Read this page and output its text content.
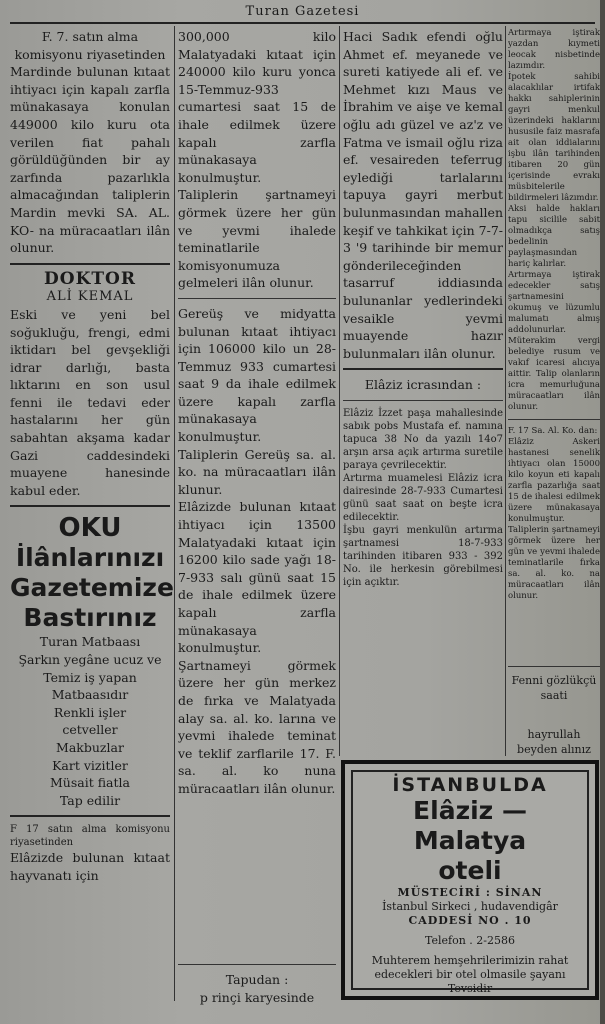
Turan Gazetesi

F. 7. satın alma komisyonu riyasetinden

Mardinde bulunan kıtaat ihtiyacı için kapalı zarfla münakasaya konulan 449000 kilo kuru ota verilen fiat pahalı görüldüğünden bir ay zarfında pazarlıkla almacağından taliplerin Mardin mevki SA. AL. KO- na müracaatları ilân olunur.

DOKTOR
ALİ KEMAL

Eski ve yeni bel soğukluğu, frengi, edmi iktidarı bel gevşekliği idrar darlığı, basta lıktarını en son usul fenni ile tedavi eder hastalarını her gün sabahtan akşama kadar Gazi caddesindeki muayene hanesinde kabul eder.

OKU
İlânlarınızı
Gazetemize
Bastırınız

Turan Matbaası

Şarkın yegâne ucuz ve Temiz iş yapan Matbaasıdır

Renkli işler
cetveller
Makbuzlar
Kart vizitler
Müsait fiatla
Tap edilir

F 17 satın alma komisyonu riyasetinden

Elâzizde bulunan kıtaat hayvanatı için

300,000 kilo Malatyadaki kıtaat için 240000 kilo kuru yonca 15-Temmuz-933 cumartesi saat 15 de ihale edilmek üzere kapalı zarfla münakasaya konulmuştur.

Taliplerin şartnameyi görmek üzere her gün ve yevmi ihalede teminatlarile komisyonumuza gelmeleri ilân olunur.

Gereüş ve midyatta bulunan kıtaat ihtiyacı için 106000 kilo un 28-Temmuz 933 cumartesi saat 9 da ihale edilmek üzere kapalı zarfla münakasaya konulmuştur.

Taliplerin Gereüş sa. al. ko. na müracaatları ilân klunur.

Elâzizde bulunan kıtaat ihtiyacı için 13500 Malatyadaki kıtaat için 16200 kilo sade yağı 18-7-933 salı günü saat 15 de ihale edilmek üzere kapalı zarfla münakasaya konulmuştur.

Şartnameyi görmek üzere her gün merkez de fırka ve Malatyada alay sa. al. ko. larına ve yevmi ihalede teminat ve teklif zarflarile 17. F. sa. al. ko nuna müracaatları ilân olunur.

Tapudan :
p rinçi karyesinde

Haci Sadık efendi oğlu Ahmet ef. meyanede ve sureti katiyede ali ef. ve Mehmet kızı Maus ve İbrahim ve aişe ve kemal oğlu adı güzel ve az'z ve Fatma ve ismail oğlu riza ef. vesaireden teferrug eylediği tarlalarını tapuya gayri merbut bulunmasından mahallen keşif ve tahkikat için 7-7-3 '9 tarihinde bir memur gönderileceğinden tasarruf iddiasında bulunanlar yedlerindeki vesaikle yevmi muayende hazır bulunmaları ilân olunur.

Elâziz icrasından :

Elâziz İzzet paşa mahallesinde sabık pobs Mustafa ef. namına tapuca 38 No da yazılı 14o7 arşın arsa açık artırma suretile paraya çevrilecektir.

Artırma muamelesi Elâziz icra dairesinde 28-7-933 Cumartesi günü saat saat on beşte icra edilecektir.

İşbu gayri menkulün artırma şartnamesi 18-7-933 tarihinden itibaren 933 - 392 No. ile herkesin görebilmesi için açıktır.

Artırmaya iştirak yazdan kıymeti leocak nisbetinde lazımdır.

İpotek sahibi alacaklılar irtifak hakkı sahiplerinin gayri menkul üzerindeki haklarını hususile faiz masrafa ait olan iddialarını işbu ilân tarihinden itibaren 20 gün içerisinde evrakı müsbitelerile bildirmeleri lâzımdır.

Aksi halde hakları tapu sicilile sabit olmadıkça satış bedelinin paylaşmasından hariç kalırlar.

Artırmaya iştirak edecekler satış şartnamesini okumuş ve lüzumlu malumatı almış addolunurlar.

Müterakim vergi belediye rusum ve vakıf icaresi alıcıya aittir. Talip olanların icra memurluğuna müracaatları ilân olunur.

F. 17 Sa. Al. Ko. dan:

Elâziz Askeri hastanesi senelik ihtiyacı olan 15000 kilo koyun eti kapalı zarfla pazarlığa saat 15 de ihalesi edilmek üzere münakasaya konulmuştur.

Taliplerin şartnameyi görmek üzere her gün ve yevmi ihalede teminatlarile fırka sa. al. ko. na müracaatları ilân olunur.

Fenni gözlükçü saati
hayrullah beyden alınız
İSTANBULDA
Elâziz — Malatya
oteli
MÜSTECİRİ : SİNAN
İstanbul Sirkeci , hudavendigâr
CADDESİ NO . 10
Telefon . 2-2586
Muhterem hemşehrilerimizin rahat
edecekleri bir otel olmasile şayanı
Tevsidir
